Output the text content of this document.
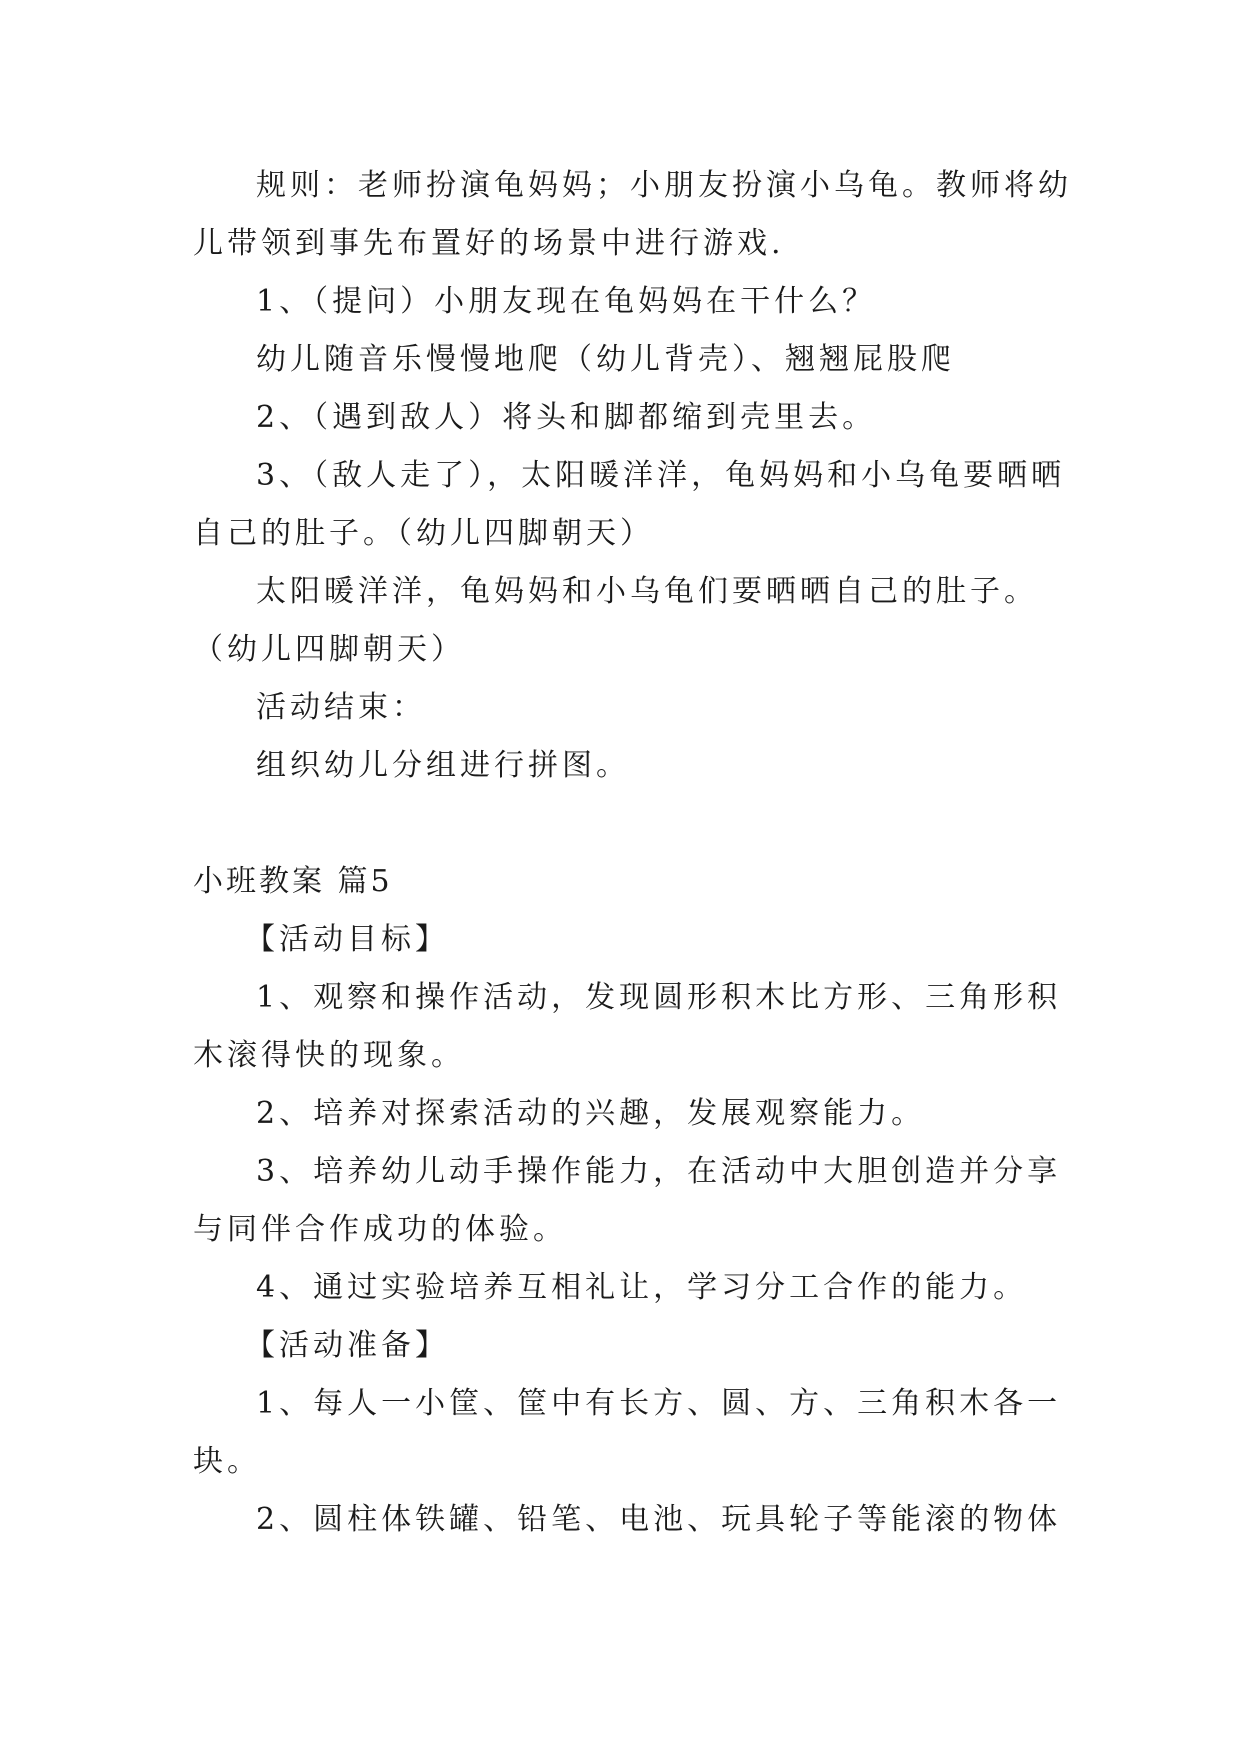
规则：老师扮演龟妈妈；小朋友扮演小乌龟。教师将幼
儿带领到事先布置好的场景中进行游戏.
1、（提问）小朋友现在龟妈妈在干什么？
幼儿随音乐慢慢地爬（幼儿背壳）、翘翘屁股爬
2、（遇到敌人）将头和脚都缩到壳里去。
3、（敌人走了），太阳暖洋洋，龟妈妈和小乌龟要晒晒
自己的肚子。（幼儿四脚朝天）
太阳暖洋洋，龟妈妈和小乌龟们要晒晒自己的肚子。
（幼儿四脚朝天）
活动结束：
组织幼儿分组进行拼图。
小班教案 篇5
【活动目标】
1、观察和操作活动，发现圆形积木比方形、三角形积
木滚得快的现象。
2、培养对探索活动的兴趣，发展观察能力。
3、培养幼儿动手操作能力，在活动中大胆创造并分享
与同伴合作成功的体验。
4、通过实验培养互相礼让，学习分工合作的能力。
【活动准备】
1、每人一小筐、筐中有长方、圆、方、三角积木各一
块。
2、圆柱体铁罐、铅笔、电池、玩具轮子等能滚的物体
